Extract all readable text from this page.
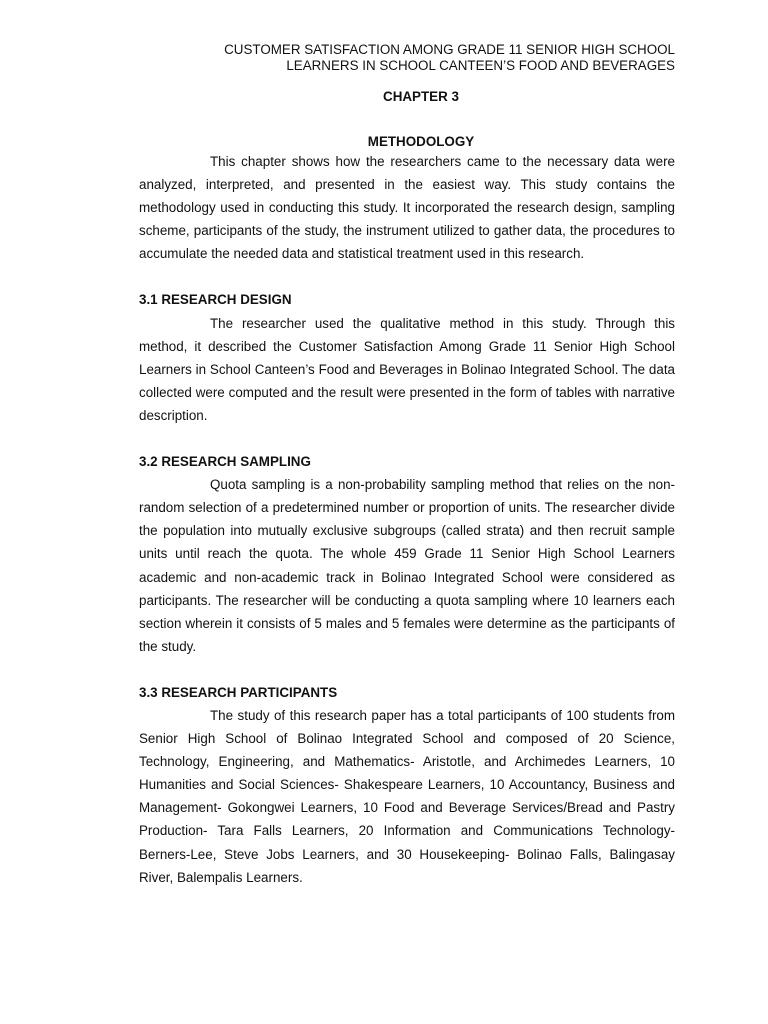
CUSTOMER SATISFACTION AMONG GRADE 11 SENIOR HIGH SCHOOL
LEARNERS IN SCHOOL CANTEEN’S FOOD AND BEVERAGES
CHAPTER 3
METHODOLOGY

This chapter shows how the researchers came to the necessary data were analyzed, interpreted, and presented in the easiest way. This study contains the methodology used in conducting this study. It incorporated the research design, sampling scheme, participants of the study, the instrument utilized to gather data, the procedures to accumulate the needed data and statistical treatment used in this research.

3.1 RESEARCH DESIGN

The researcher used the qualitative method in this study. Through this method, it described the Customer Satisfaction Among Grade 11 Senior High School Learners in School Canteen’s Food and Beverages in Bolinao Integrated School. The data collected were computed and the result were presented in the form of tables with narrative description.

3.2 RESEARCH SAMPLING

Quota sampling is a non-probability sampling method that relies on the non-random selection of a predetermined number or proportion of units. The researcher divide the population into mutually exclusive subgroups (called strata) and then recruit sample units until reach the quota. The whole 459 Grade 11 Senior High School Learners academic and non-academic track in Bolinao Integrated School were considered as participants. The researcher will be conducting a quota sampling where 10 learners each section wherein it consists of 5 males and 5 females were determine as the participants of the study.

3.3 RESEARCH PARTICIPANTS

The study of this research paper has a total participants of 100 students from Senior High School of Bolinao Integrated School and composed of 20 Science, Technology, Engineering, and Mathematics- Aristotle, and Archimedes Learners, 10 Humanities and Social Sciences- Shakespeare Learners, 10 Accountancy, Business and Management- Gokongwei Learners, 10 Food and Beverage Services/Bread and Pastry Production- Tara Falls Learners, 20 Information and Communications Technology- Berners-Lee, Steve Jobs Learners, and 30 Housekeeping- Bolinao Falls, Balingasay River, Balempalis Learners.
